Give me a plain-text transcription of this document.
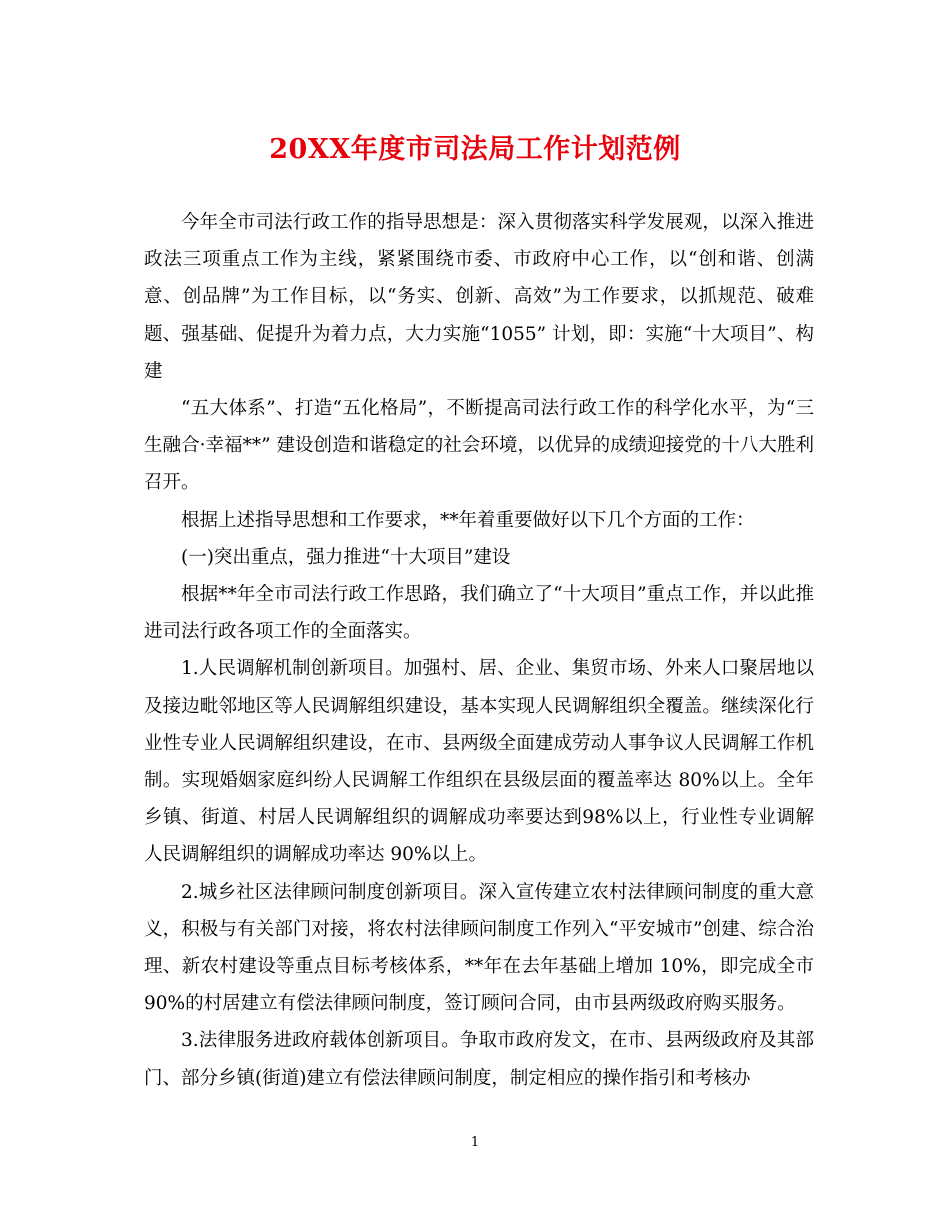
20XX年度市司法局工作计划范例

今年全市司法行政工作的指导思想是：深入贯彻落实科学发展观，以深入推进政法三项重点工作为主线，紧紧围绕市委、市政府中心工作，以“创和谐、创满意、创品牌”为工作目标，以“务实、创新、高效”为工作要求，以抓规范、破难题、强基础、促提升为着力点，大力实施“1055” 计划，即：实施“十大项目”、构建

“五大体系”、打造“五化格局”，不断提高司法行政工作的科学化水平，为“三生融合·幸福**” 建设创造和谐稳定的社会环境，以优异的成绩迎接党的十八大胜利召开。

根据上述指导思想和工作要求，**年着重要做好以下几个方面的工作：

(一)突出重点，强力推进“十大项目”建设

根据**年全市司法行政工作思路，我们确立了“十大项目”重点工作，并以此推进司法行政各项工作的全面落实。

1.人民调解机制创新项目。加强村、居、企业、集贸市场、外来人口聚居地以及接边毗邻地区等人民调解组织建设，基本实现人民调解组织全覆盖。继续深化行业性专业人民调解组织建设，在市、县两级全面建成劳动人事争议人民调解工作机制。实现婚姻家庭纠纷人民调解工作组织在县级层面的覆盖率达 80%以上。全年乡镇、街道、村居人民调解组织的调解成功率要达到98%以上，行业性专业调解人民调解组织的调解成功率达 90%以上。

2.城乡社区法律顾问制度创新项目。深入宣传建立农村法律顾问制度的重大意义，积极与有关部门对接，将农村法律顾问制度工作列入“平安城市”创建、综合治理、新农村建设等重点目标考核体系，**年在去年基础上增加 10%，即完成全市 90%的村居建立有偿法律顾问制度，签订顾问合同，由市县两级政府购买服务。

3.法律服务进政府载体创新项目。争取市政府发文，在市、县两级政府及其部门、部分乡镇(街道)建立有偿法律顾问制度，制定相应的操作指引和考核办

1
